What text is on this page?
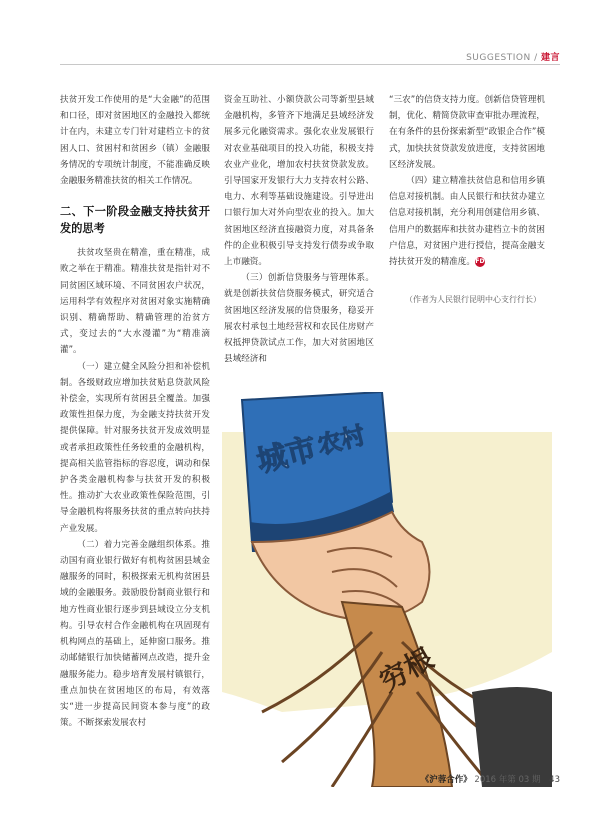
SUGGESTION / 建言

扶贫开发工作使用的是“大金融”的范围和口径，即对贫困地区的金融投入都统计在内，未建立专门针对建档立卡的贫困人口、贫困村和贫困乡（镇）金融服务情况的专项统计制度，不能准确反映金融服务精准扶贫的相关工作情况。

二、下一阶段金融支持扶贫开发的思考

扶贫攻坚贵在精准，重在精准，成败之举在于精准。精准扶贫是指针对不同贫困区域环境、不同贫困农户状况，运用科学有效程序对贫困对象实施精确识别、精确帮助、精确管理的治贫方式，变过去的“大水漫灌”为“精准滴灌”。

（一）建立健全风险分担和补偿机制。各级财政应增加扶贫贴息贷款风险补偿金，实现所有贫困县全覆盖。加强政策性担保力度，为金融支持扶贫开发提供保障。针对服务扶贫开发成效明显或者承担政策性任务较重的金融机构，提高相关监管指标的容忍度，调动和保护各类金融机构参与扶贫开发的积极性。推动扩大农业政策性保险范围，引导金融机构将服务扶贫的重点转向扶持产业发展。

（二）着力完善金融组织体系。推动国有商业银行做好有机构贫困县域金融服务的同时，积极探索无机构贫困县域的金融服务。鼓励股份制商业银行和地方性商业银行逐步到县域设立分支机构。引导农村合作金融机构在巩固现有机构网点的基础上，延伸窗口服务。推动邮储银行加快储蓄网点改造，提升金融服务能力。稳步培育发展村镇银行，重点加快在贫困地区的布局，有效落实“进一步提高民间资本参与度”的政策。不断探索发展农村

资金互助社、小额贷款公司等新型县域金融机构，多管齐下地满足县域经济发展多元化融资需求。强化农业发展银行对农业基础项目的投入功能，积极支持农业产业化，增加农村扶贫贷款发放。引导国家开发银行大力支持农村公路、电力、水利等基础设施建设。引导进出口银行加大对外向型农业的投入。加大贫困地区经济直接融资力度，对具备条件的企业积极引导支持发行债券或争取上市融资。

（三）创新信贷服务与管理体系。就是创新扶贫信贷服务模式，研究适合贫困地区经济发展的信贷服务，稳妥开展农村承包土地经营权和农民住房财产权抵押贷款试点工作，加大对贫困地区县域经济和

“三农”的信贷支持力度。创新信贷管理机制，优化、精简贷款审查审批办理流程，在有条件的县份探索新型“政银企合作”模式，加快扶贫贷款发放进度，支持贫困地区经济发展。

（四）建立精准扶贫信息和信用乡镇信息对接机制。由人民银行和扶贫办建立信息对接机制，充分利用创建信用乡镇、信用户的数据库和扶贫办建档立卡的贫困户信息，对贫困户进行授信，提高金融支持扶贫开发的精准度。FD

（作者为人民银行昆明中心支行行长）

城市
农村
穷根
《沪蓉合作》 2016 年第 03 期 43
